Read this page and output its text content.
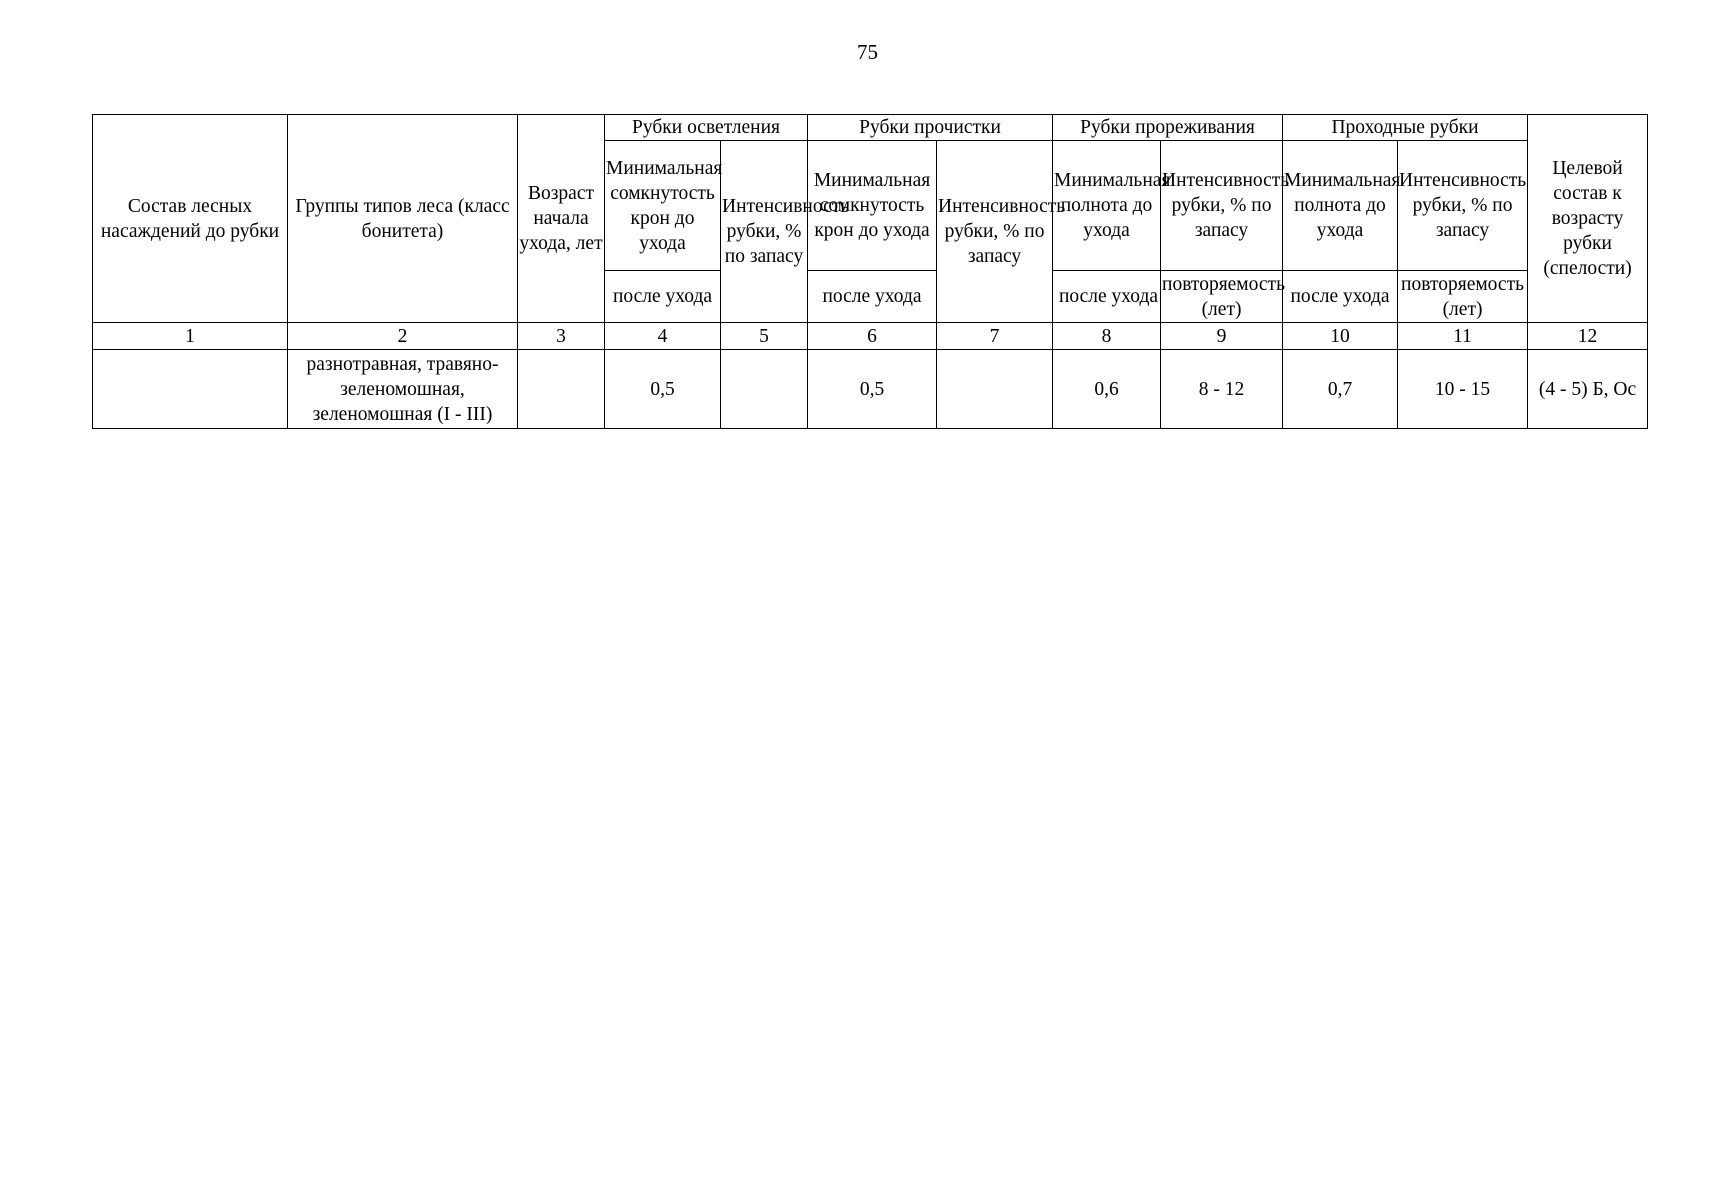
75
Состав лесных насаждений до рубки	Группы типов леса (класс бонитета)	Возраст начала ухода, лет	Рубки осветления		Рубки прочистки		Рубки прореживания		Проходные рубки		Целевой состав к возрасту рубки (спелости)

			Минимальная сомкнутость крон до ухода	Интенсивность рубки, % по запасу	Минимальная сомкнутость крон до ухода	Интенсивность рубки, % по запасу	Минимальная полнота до ухода	Интенсивность рубки, % по запасу	Минимальная полнота до ухода	Интенсивность рубки, % по запасу	

			после ухода		после ухода		после ухода	повторяемость (лет)	после ухода	повторяемость (лет)	

1	2	3	4	5	6	7	8	9	10	11	12
	разнотравная, травяно-зеленомошная, зеленомошная (I - III)		0,5		0,5		0,6	8 - 12	0,7	10 - 15	(4 - 5) Б, Ос
